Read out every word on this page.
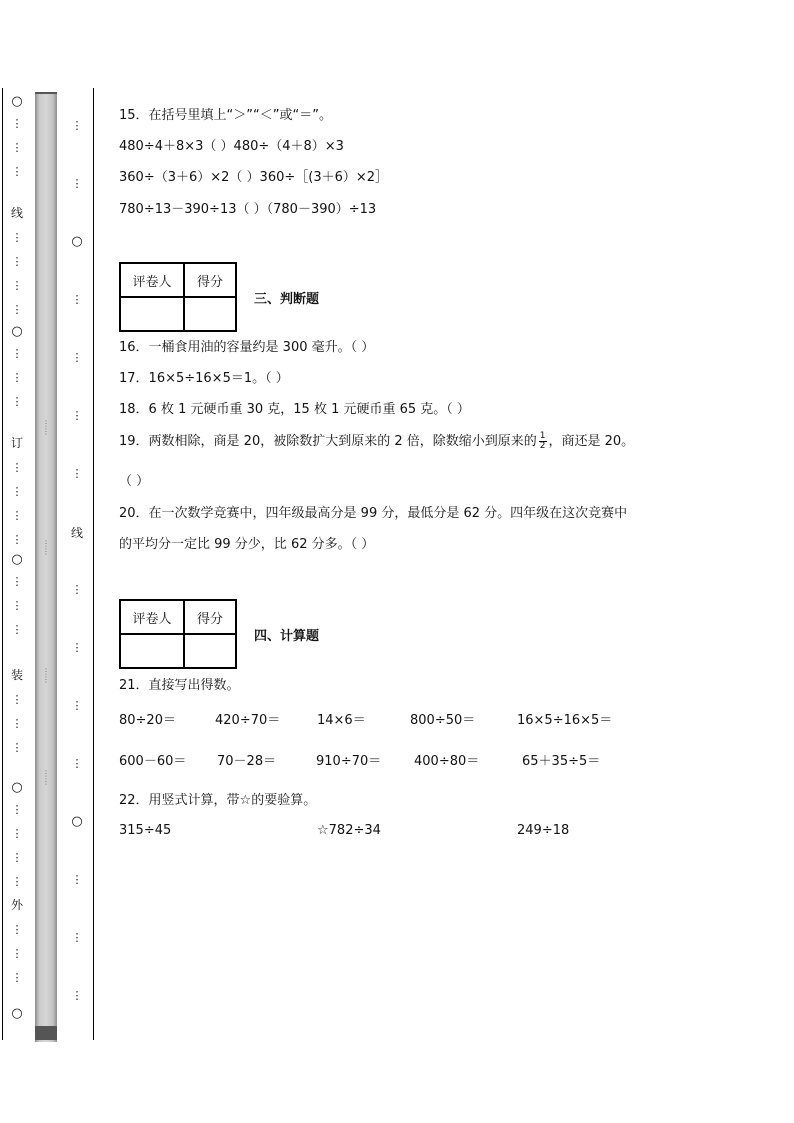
○
⋮
⋮
⋮
线
⋮
⋮
⋮
⋮
○
⋮
⋮
⋮
订
⋮
⋮
⋮
⋮
○
⋮
⋮
⋮
装
⋮
⋮
⋮
○
⋮
⋮
⋮
⋮
外
⋮
⋮
⋮
○
⋮
⋮
⋮
⋮
⋮
⋮
⋮
⋮
⋮
⋮
○
⋮
⋮
⋮
⋮
线
⋮
⋮
⋮
⋮
○
⋮
⋮
⋮
15．在括号里填上“＞”“＜”或“＝”。
480÷4＋8×3（ ）480÷（4＋8）×3
360÷（3＋6）×2（ ）360÷［(3＋6）×2］
780÷13－390÷13（ ）（780－390）÷13
评卷人	得分

三、判断题
16．一桶食用油的容量约是 300 毫升。（ ）
17．16×5÷16×5＝1。（ ）
18．6 枚 1 元硬币重 30 克，15 枚 1 元硬币重 65 克。（ ）
19．两数相除，商是 20，被除数扩大到原来的 2 倍，除数缩小到原来的 $\frac{1}{2}$ ，商还是 20。
（ ）
20．在一次数学竞赛中，四年级最高分是 99 分，最低分是 62 分。四年级在这次竞赛中
的平均分一定比 99 分少，比 62 分多。（ ）
评卷人	得分

四、计算题
21．直接写出得数。
80÷20＝	420÷70＝	14×6＝	800÷50＝	16×5÷16×5＝
600－60＝ 70－28＝	910÷70＝	400÷80＝	65＋35÷5＝
22．用竖式计算，带☆的要验算。
315÷45	☆782÷34	249÷18
